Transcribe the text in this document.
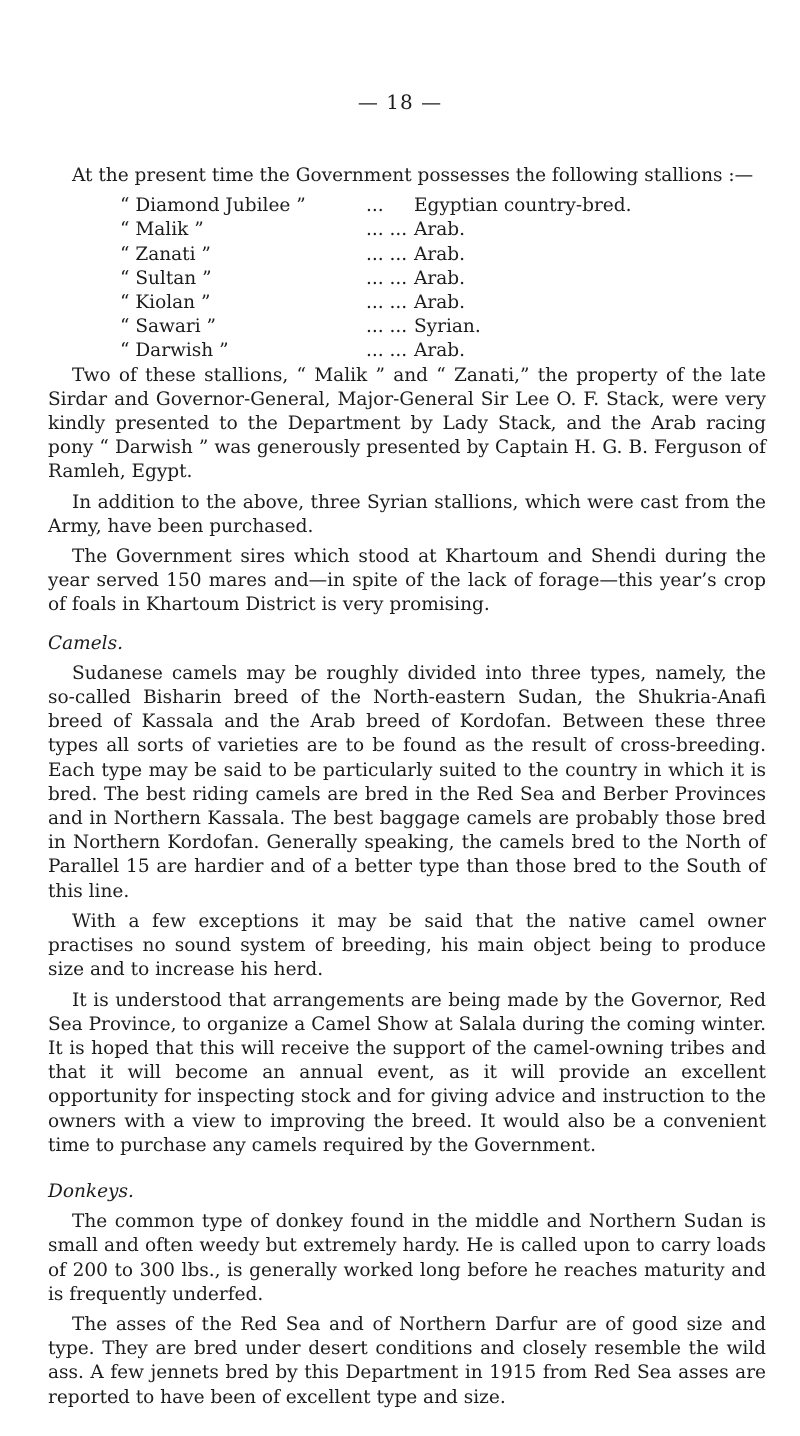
— 18 —

At the present time the Government possesses the following stallions :—

“ Diamond Jubilee ”	...	Egyptian country-bred.
“ Malik ”	... ... Arab.
“ Zanati ”	... ... Arab.
“ Sultan ”	... ... Arab.
“ Kiolan ”	... ... Arab.
“ Sawari ”	... ... Syrian.
“ Darwish ”	... ... Arab.

Two of these stallions, “ Malik ” and “ Zanati,” the property of the late Sirdar and Governor-General, Major-General Sir Lee O. F. Stack, were very kindly presented to the Department by Lady Stack, and the Arab racing pony “ Darwish ” was generously presented by Captain H. G. B. Ferguson of Ramleh, Egypt.

In addition to the above, three Syrian stallions, which were cast from the Army, have been purchased.

The Government sires which stood at Khartoum and Shendi during the year served 150 mares and—in spite of the lack of forage—this year’s crop of foals in Khartoum District is very promising.

Camels.

Sudanese camels may be roughly divided into three types, namely, the so-called Bisharin breed of the North-eastern Sudan, the Shukria-Anafi breed of Kassala and the Arab breed of Kordofan. Between these three types all sorts of varieties are to be found as the result of cross-breeding. Each type may be said to be particularly suited to the country in which it is bred. The best riding camels are bred in the Red Sea and Berber Provinces and in Northern Kassala. The best baggage camels are probably those bred in Northern Kordofan. Generally speaking, the camels bred to the North of Parallel 15 are hardier and of a better type than those bred to the South of this line.

With a few exceptions it may be said that the native camel owner practises no sound system of breeding, his main object being to produce size and to increase his herd.

It is understood that arrangements are being made by the Governor, Red Sea Province, to organize a Camel Show at Salala during the coming winter. It is hoped that this will receive the support of the camel-owning tribes and that it will become an annual event, as it will provide an excellent opportunity for inspecting stock and for giving advice and instruction to the owners with a view to improving the breed. It would also be a convenient time to purchase any camels required by the Government.

Donkeys.

The common type of donkey found in the middle and Northern Sudan is small and often weedy but extremely hardy. He is called upon to carry loads of 200 to 300 lbs., is generally worked long before he reaches maturity and is frequently underfed.

The asses of the Red Sea and of Northern Darfur are of good size and type. They are bred under desert conditions and closely resemble the wild ass. A few jennets bred by this Department in 1915 from Red Sea asses are reported to have been of excellent type and size.
